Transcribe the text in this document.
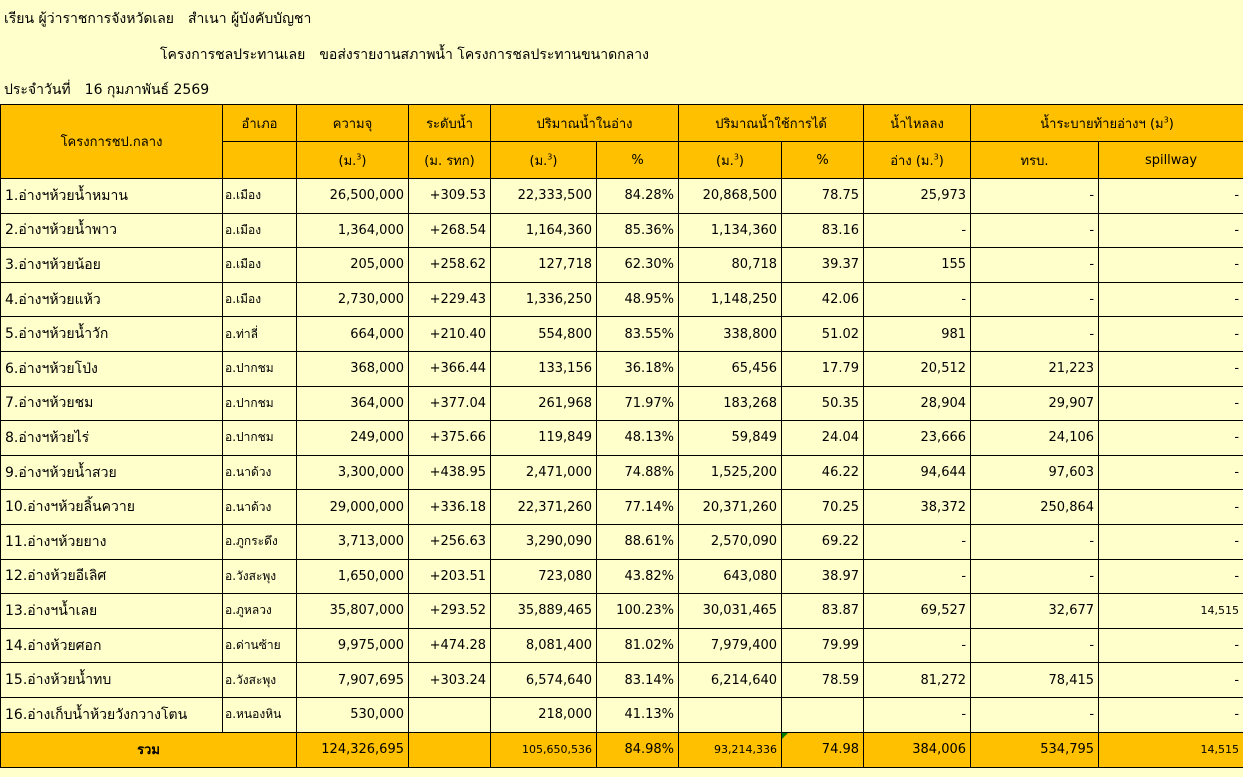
เรียน ผู้ว่าราชการจังหวัดเลย สำเนา ผู้บังคับบัญชา
โครงการชลประทานเลย ขอส่งรายงานสภาพน้ำ โครงการชลประทานขนาดกลาง
ประจำวันที่ 16 กุมภาพันธ์ 2569
โครงการชป.กลาง	อำเภอ	ความจุ	ระดับน้ำ	ปริมาณน้ำในอ่าง		ปริมาณน้ำใช้การได้		น้ำไหลลง	น้ำระบายท้ายอ่างฯ (ม$^3$)	
		(ม.$^3$)	(ม. รทก)	(ม.$^3$)	%	(ม.$^3$)	%	อ่าง (ม.$^3$)	ทรบ.	spillway
1.อ่างฯห้วยน้ำหมาน	อ.เมือง	26,500,000	+309.53	22,333,500	84.28%	20,868,500	78.75	25,973	-	-
2.อ่างฯห้วยน้ำพาว	อ.เมือง	1,364,000	+268.54	1,164,360	85.36%	1,134,360	83.16	-	-	-
3.อ่างฯห้วยน้อย	อ.เมือง	205,000	+258.62	127,718	62.30%	80,718	39.37	155	-	-
4.อ่างฯห้วยแห้ว	อ.เมือง	2,730,000	+229.43	1,336,250	48.95%	1,148,250	42.06	-	-	-
5.อ่างฯห้วยน้ำวัก	อ.ท่าลี่	664,000	+210.40	554,800	83.55%	338,800	51.02	981	-	-
6.อ่างฯห้วยโป่ง	อ.ปากชม	368,000	+366.44	133,156	36.18%	65,456	17.79	20,512	21,223	-
7.อ่างฯห้วยชม	อ.ปากชม	364,000	+377.04	261,968	71.97%	183,268	50.35	28,904	29,907	-
8.อ่างฯห้วยไร่	อ.ปากชม	249,000	+375.66	119,849	48.13%	59,849	24.04	23,666	24,106	-
9.อ่างฯห้วยน้ำสวย	อ.นาด้วง	3,300,000	+438.95	2,471,000	74.88%	1,525,200	46.22	94,644	97,603	-
10.อ่างฯห้วยลิ้นควาย	อ.นาด้วง	29,000,000	+336.18	22,371,260	77.14%	20,371,260	70.25	38,372	250,864	-
11.อ่างฯห้วยยาง	อ.ภูกระดึง	3,713,000	+256.63	3,290,090	88.61%	2,570,090	69.22	-	-	-
12.อ่างห้วยอีเลิศ	อ.วังสะพุง	1,650,000	+203.51	723,080	43.82%	643,080	38.97	-	-	-
13.อ่างฯน้ำเลย	อ.ภูหลวง	35,807,000	+293.52	35,889,465	100.23%	30,031,465	83.87	69,527	32,677	14,515
14.อ่างห้วยศอก	อ.ด่านซ้าย	9,975,000	+474.28	8,081,400	81.02%	7,979,400	79.99	-	-	-
15.อ่างห้วยน้ำทบ	อ.วังสะพุง	7,907,695	+303.24	6,574,640	83.14%	6,214,640	78.59	81,272	78,415	-
16.อ่างเก็บน้ำห้วยวังกวางโตน	อ.หนองหิน	530,000		218,000	41.13%			-	-	-
รวม		124,326,695		105,650,536	84.98%	93,214,336	74.98	384,006	534,795	14,515
